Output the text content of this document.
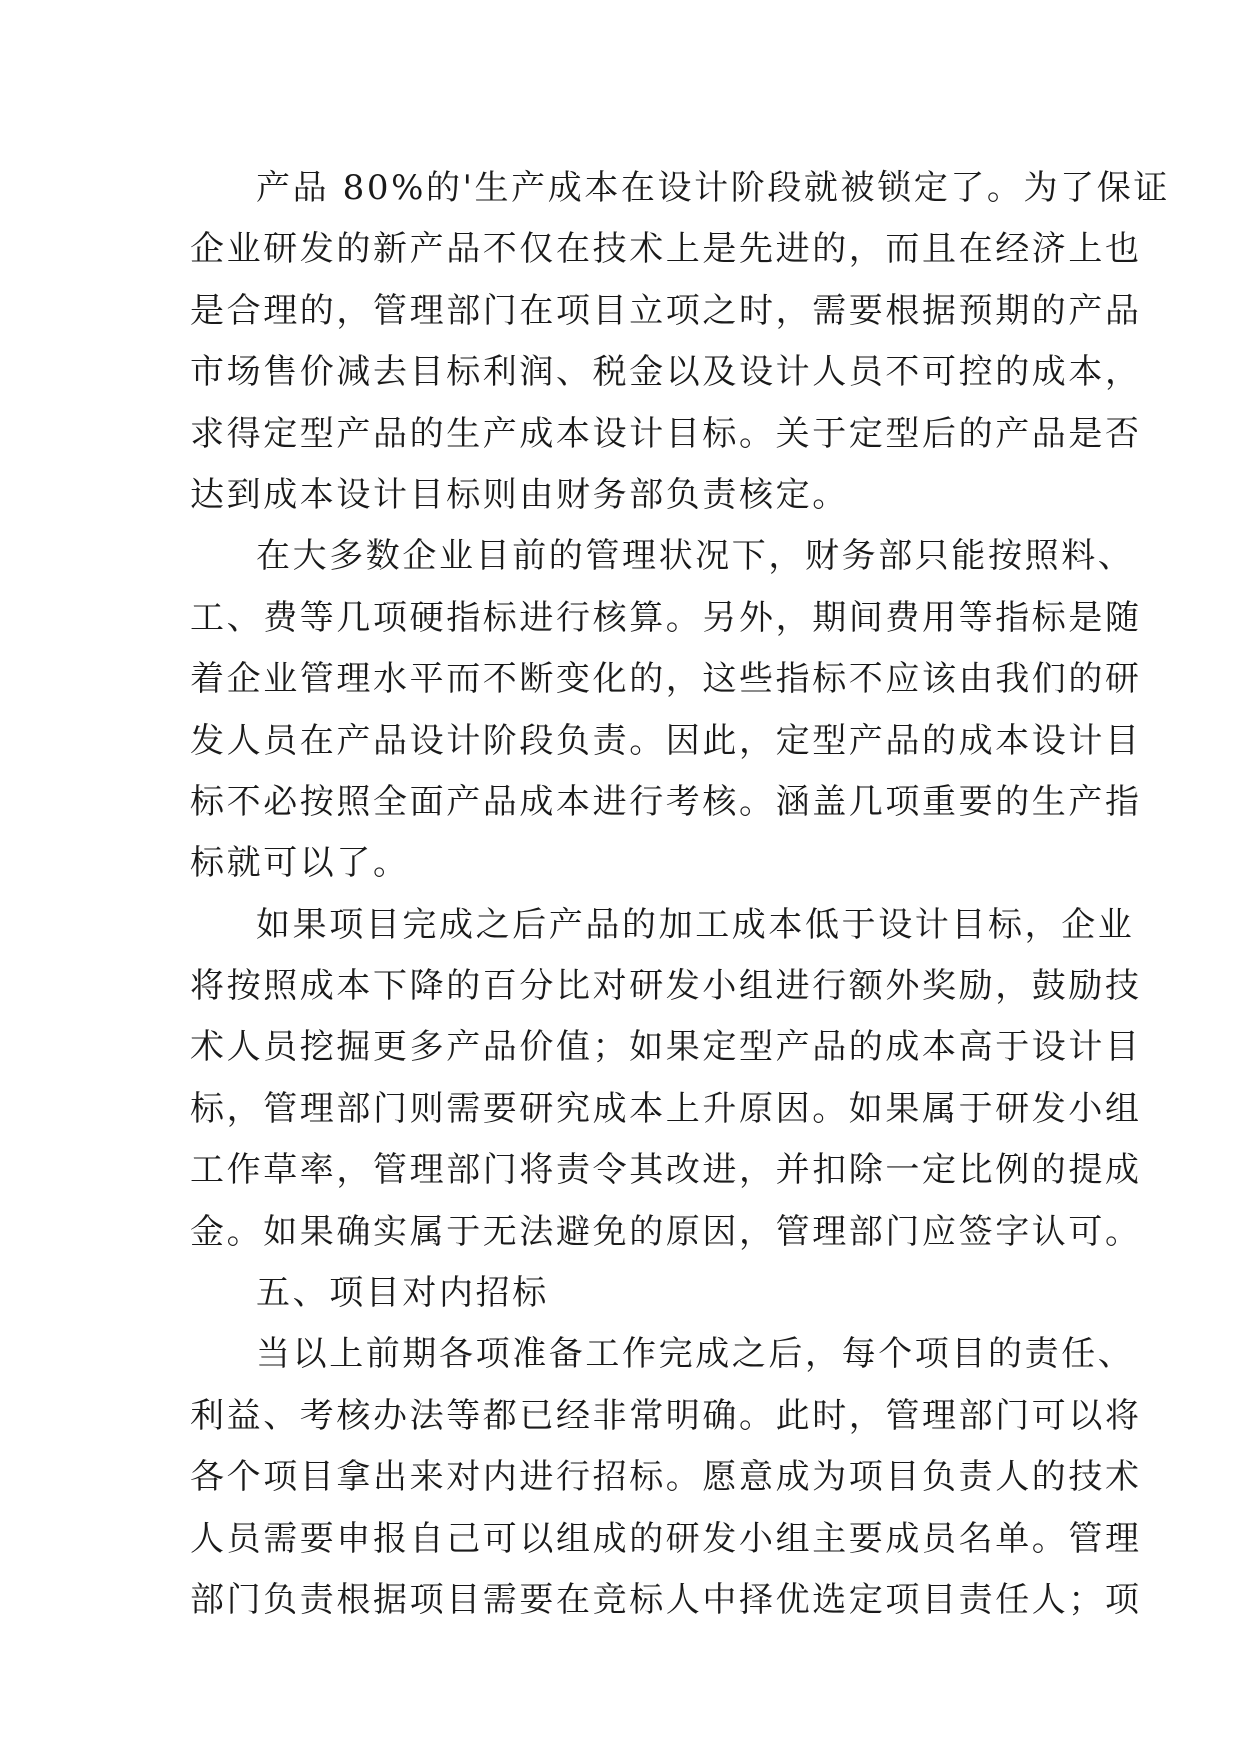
产品 80%的'生产成本在设计阶段就被锁定了。为了保证
企业研发的新产品不仅在技术上是先进的，而且在经济上也
是合理的，管理部门在项目立项之时，需要根据预期的产品
市场售价减去目标利润、税金以及设计人员不可控的成本，
求得定型产品的生产成本设计目标。关于定型后的产品是否
达到成本设计目标则由财务部负责核定。
在大多数企业目前的管理状况下，财务部只能按照料、
工、费等几项硬指标进行核算。另外，期间费用等指标是随
着企业管理水平而不断变化的，这些指标不应该由我们的研
发人员在产品设计阶段负责。因此，定型产品的成本设计目
标不必按照全面产品成本进行考核。涵盖几项重要的生产指
标就可以了。
如果项目完成之后产品的加工成本低于设计目标，企业
将按照成本下降的百分比对研发小组进行额外奖励，鼓励技
术人员挖掘更多产品价值；如果定型产品的成本高于设计目
标，管理部门则需要研究成本上升原因。如果属于研发小组
工作草率，管理部门将责令其改进，并扣除一定比例的提成
金。如果确实属于无法避免的原因，管理部门应签字认可。
五、项目对内招标
当以上前期各项准备工作完成之后，每个项目的责任、
利益、考核办法等都已经非常明确。此时，管理部门可以将
各个项目拿出来对内进行招标。愿意成为项目负责人的技术
人员需要申报自己可以组成的研发小组主要成员名单。管理
部门负责根据项目需要在竞标人中择优选定项目责任人；项
